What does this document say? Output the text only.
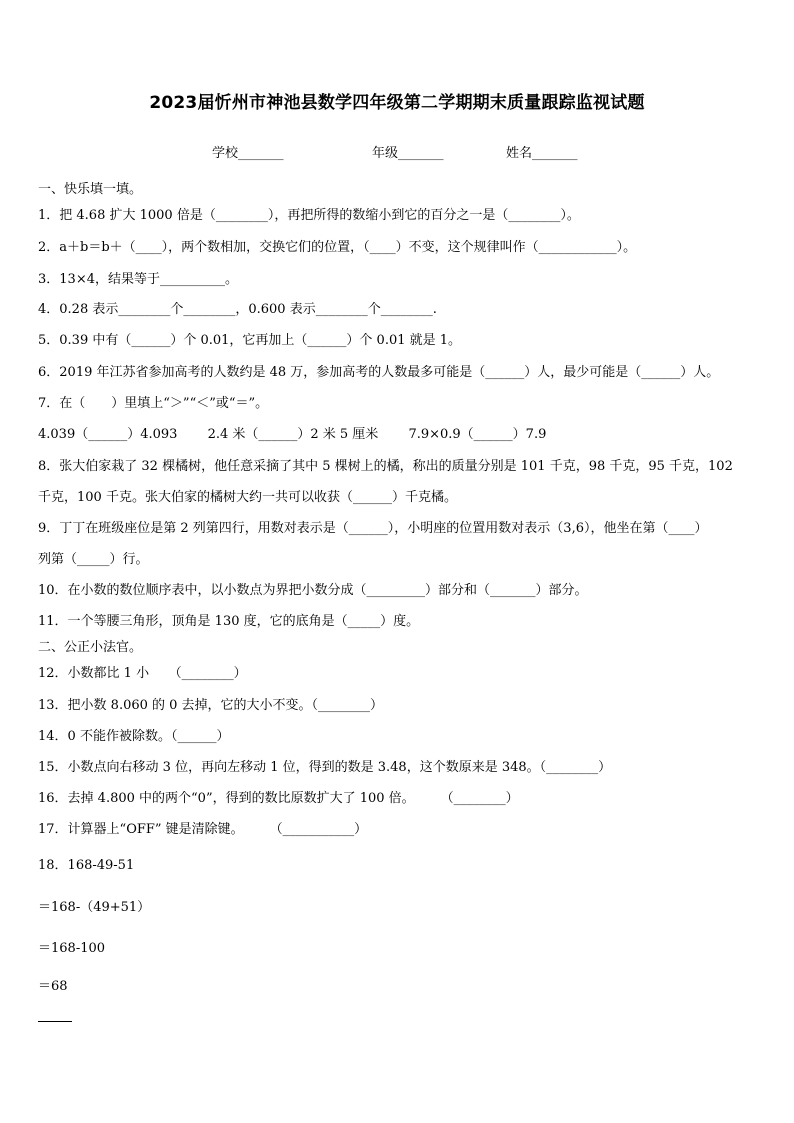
2023届忻州市神池县数学四年级第二学期期末质量跟踪监视试题
学校_______	年级_______	姓名_______
一、快乐填一填。
1．把 4.68 扩大 1000 倍是（________），再把所得的数缩小到它的百分之一是（________）。
2．a＋b＝b＋（____），两个数相加，交换它们的位置，（____）不变，这个规律叫作（____________）。
3．13×4，结果等于__________。
4．0.28 表示________个________，0.600 表示________个________.
5．0.39 中有（______）个 0.01，它再加上（______）个 0.01 就是 1。
6．2019 年江苏省参加高考的人数约是 48 万，参加高考的人数最多可能是（______）人，最少可能是（______）人。
7．在（　　）里填上“＞”“＜”或“＝”。
4.039（______）4.093　　 2.4 米（______）2 米 5 厘米　　 7.9×0.9（______）7.9
8．张大伯家栽了 32 棵橘树，他任意采摘了其中 5 棵树上的橘，称出的质量分别是 101 千克，98 千克，95 千克，102
千克，100 千克。张大伯家的橘树大约一共可以收获（______）千克橘。
9．丁丁在班级座位是第 2 列第四行，用数对表示是（______），小明座的位置用数对表示（3,6），他坐在第（____）
列第（_____）行。
10．在小数的数位顺序表中，以小数点为界把小数分成（_________）部分和（_______）部分。
11．一个等腰三角形，顶角是 130 度，它的底角是（_____）度。
二、公正小法官。
12．小数都比 1 小　　（________）
13．把小数 8.060 的 0 去掉，它的大小不变。（________）
14．0 不能作被除数。（______）
15．小数点向右移动 3 位，再向左移动 1 位，得到的数是 3.48，这个数原来是 348。（________）
16．去掉 4.800 中的两个“0”，得到的数比原数扩大了 100 倍。　　　（________）
17．计算器上“OFF” 键是清除键。　　　（___________）
18．168-49-51
＝168-（49+51）
＝168-100
＝68
